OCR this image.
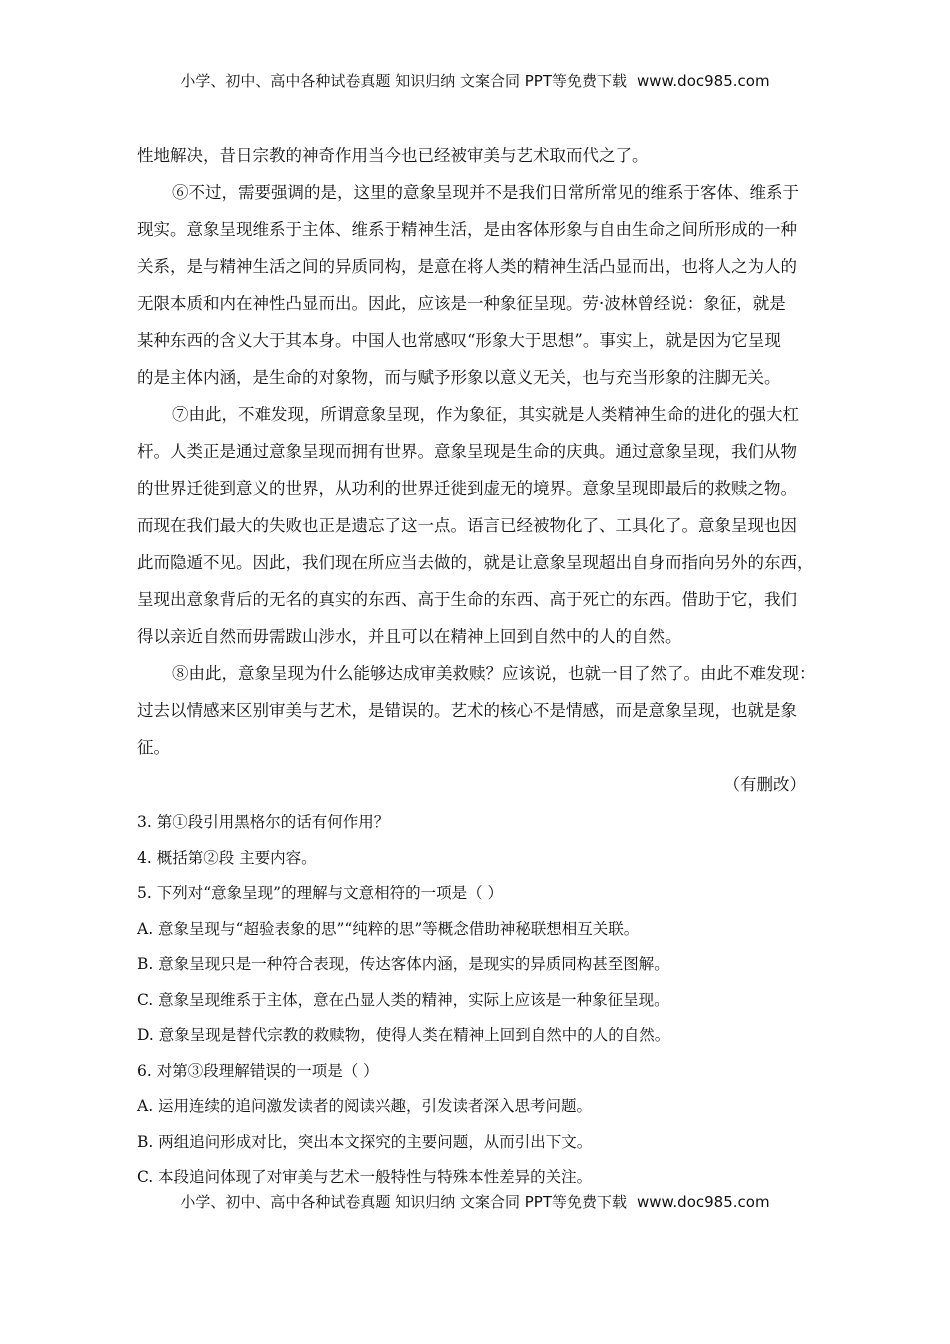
小学、初中、高中各种试卷真题 知识归纳 文案合同 PPT等免费下载 www.doc985.com
性地解决，昔日宗教的神奇作用当今也已经被审美与艺术取而代之了。
⑥不过，需要强调的是，这里的意象呈现并不是我们日常所常见的维系于客体、维系于
现实。意象呈现维系于主体、维系于精神生活，是由客体形象与自由生命之间所形成的一种
关系，是与精神生活之间的异质同构，是意在将人类的精神生活凸显而出，也将人之为人的
无限本质和内在神性凸显而出。因此，应该是一种象征呈现。劳·波林曾经说：象征，就是
某种东西的含义大于其本身。中国人也常感叹“形象大于思想”。事实上，就是因为它呈现
的是主体内涵，是生命的对象物，而与赋予形象以意义无关，也与充当形象的注脚无关。
⑦由此，不难发现，所谓意象呈现，作为象征，其实就是人类精神生命的进化的强大杠
杆。人类正是通过意象呈现而拥有世界。意象呈现是生命的庆典。通过意象呈现，我们从物
的世界迁徙到意义的世界，从功利的世界迁徙到虚无的境界。意象呈现即最后的救赎之物。
而现在我们最大的失败也正是遗忘了这一点。语言已经被物化了、工具化了。意象呈现也因
此而隐遁不见。因此，我们现在所应当去做的，就是让意象呈现超出自身而指向另外的东西，
呈现出意象背后的无名的真实的东西、高于生命的东西、高于死亡的东西。借助于它，我们
得以亲近自然而毋需跋山涉水，并且可以在精神上回到自然中的人的自然。
⑧由此，意象呈现为什么能够达成审美救赎？应该说，也就一目了然了。由此不难发现：
过去以情感来区别审美与艺术，是错误的。艺术的核心不是情感，而是意象呈现，也就是象
征。
（有删改）
3. 第①段引用黑格尔的话有何作用？
4. 概括第②段 主要内容。
5. 下列对“意象呈现”的理解与文意相符的一项是（ ）
A. 意象呈现与“超验表象的思”“纯粹的思”等概念借助神秘联想相互关联。
B. 意象呈现只是一种符合表现，传达客体内涵，是现实的异质同构甚至图解。
C. 意象呈现维系于主体，意在凸显人类的精神，实际上应该是一种象征呈现。
D. 意象呈现是替代宗教的救赎物，使得人类在精神上回到自然中的人的自然。
6. 对第③段理解错误的一项是（ ）
A. 运用连续的追问激发读者的阅读兴趣，引发读者深入思考问题。
B. 两组追问形成对比，突出本文探究的主要问题，从而引出下文。
C. 本段追问体现了对审美与艺术一般特性与特殊本性差异的关注。
小学、初中、高中各种试卷真题 知识归纳 文案合同 PPT等免费下载 www.doc985.com
